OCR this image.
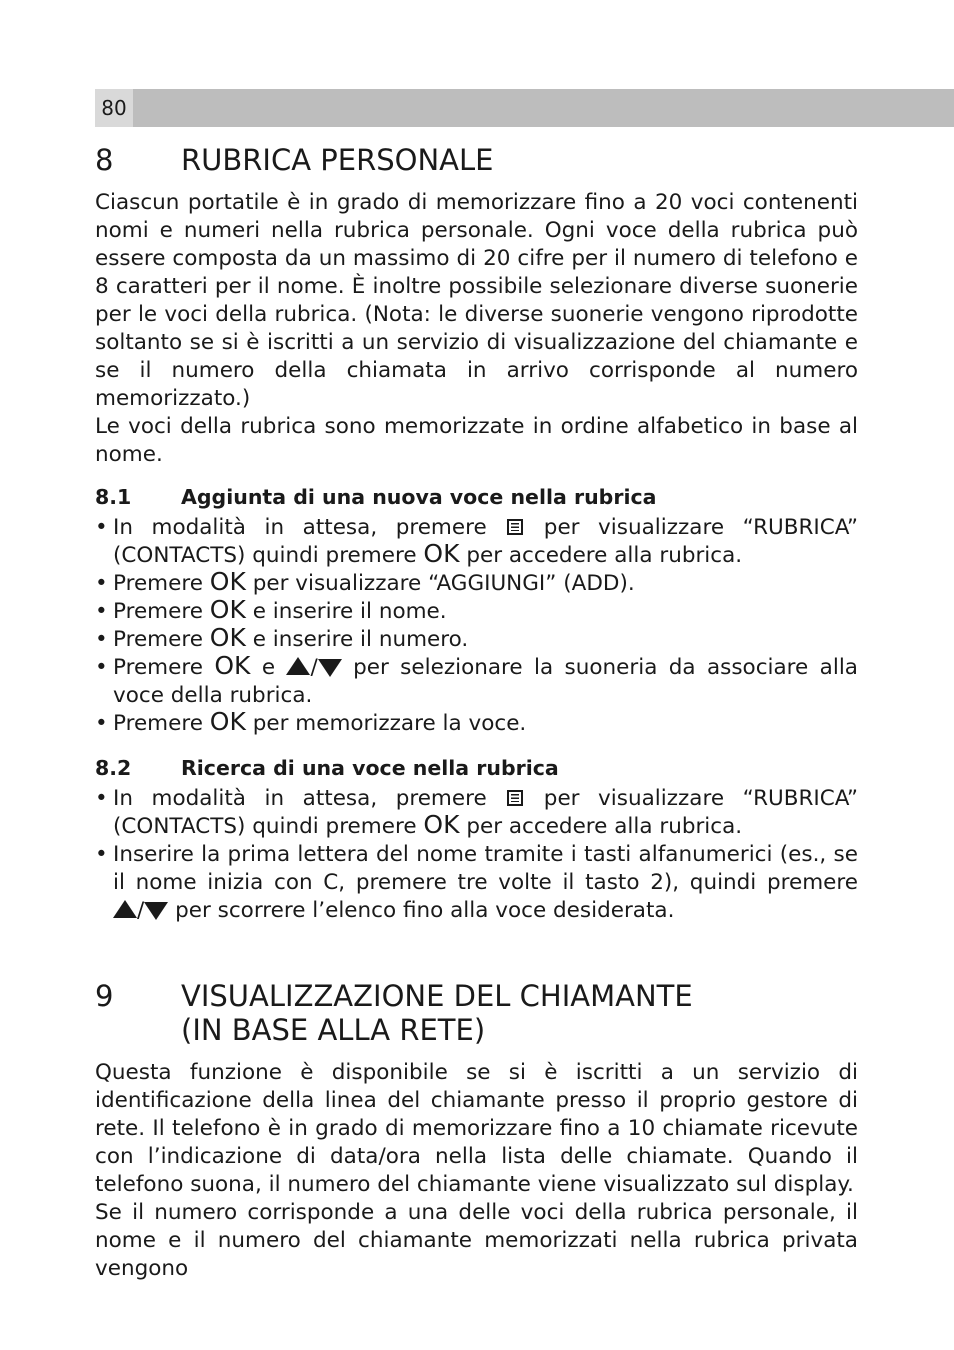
80
8	RUBRICA PERSONALE

Ciascun portatile è in grado di memorizzare fino a 20 voci contenenti nomi e numeri nella rubrica personale. Ogni voce della rubrica può essere composta da un massimo di 20 cifre per il numero di telefono e 8 caratteri per il nome. È inoltre possibile selezionare diverse suonerie per le voci della rubrica. (Nota: le diverse suonerie vengono riprodotte soltanto se si è iscritti a un servizio di visualizzazione del chiamante e se il numero della chiamata in arrivo corrisponde al numero memorizzato.)

Le voci della rubrica sono memorizzate in ordine alfabetico in base al nome.

8.1	Aggiunta di una nuova voce nella rubrica
• In modalità in attesa, premere	per visualizzare “RUBRICA” (CONTACTS) quindi premere OK per accedere alla rubrica.
• Premere OK per visualizzare “AGGIUNGI” (ADD).
• Premere OK e inserire il nome.
• Premere OK e inserire il numero.
• Premere OK e / per selezionare la suoneria da associare alla voce della rubrica.
• Premere OK per memorizzare la voce.
8.2	Ricerca di una voce nella rubrica
• In modalità in attesa, premere	per visualizzare “RUBRICA” (CONTACTS) quindi premere OK per accedere alla rubrica.
• Inserire la prima lettera del nome tramite i tasti alfanumerici (es., se il nome inizia con C, premere tre volte il tasto 2), quindi premere / per scorrere l’elenco fino alla voce desiderata.
9	VISUALIZZAZIONE DEL CHIAMANTE
(IN BASE ALLA RETE)

Questa funzione è disponibile se si è iscritti a un servizio di identificazione della linea del chiamante presso il proprio gestore di rete. Il telefono è in grado di memorizzare fino a 10 chiamate ricevute con l’indicazione di data/ora nella lista delle chiamate. Quando il telefono suona, il numero del chiamante viene visualizzato sul display.

Se il numero corrisponde a una delle voci della rubrica personale, il nome e il numero del chiamante memorizzati nella rubrica privata vengono
